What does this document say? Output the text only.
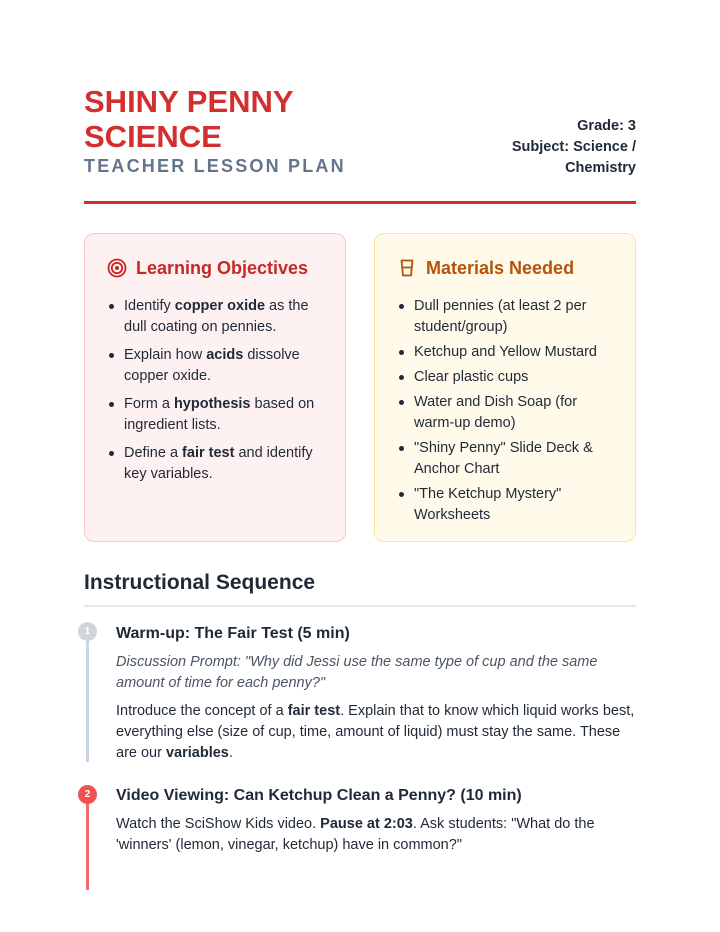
SHINY PENNY SCIENCE
TEACHER LESSON PLAN
Grade: 3
Subject: Science / Chemistry
Learning Objectives
Identify copper oxide as the dull coating on pennies.
Explain how acids dissolve copper oxide.
Form a hypothesis based on ingredient lists.
Define a fair test and identify key variables.
Materials Needed
Dull pennies (at least 2 per student/group)
Ketchup and Yellow Mustard
Clear plastic cups
Water and Dish Soap (for warm-up demo)
"Shiny Penny" Slide Deck & Anchor Chart
"The Ketchup Mystery" Worksheets
Instructional Sequence
1
2
Warm-up: The Fair Test (5 min)

Discussion Prompt: "Why did Jessi use the same type of cup and the same amount of time for each penny?"

Introduce the concept of a fair test. Explain that to know which liquid works best, everything else (size of cup, time, amount of liquid) must stay the same. These are our variables.

Video Viewing: Can Ketchup Clean a Penny? (10 min)

Watch the SciShow Kids video. Pause at 2:03. Ask students: "What do the 'winners' (lemon, vinegar, ketchup) have in common?"
